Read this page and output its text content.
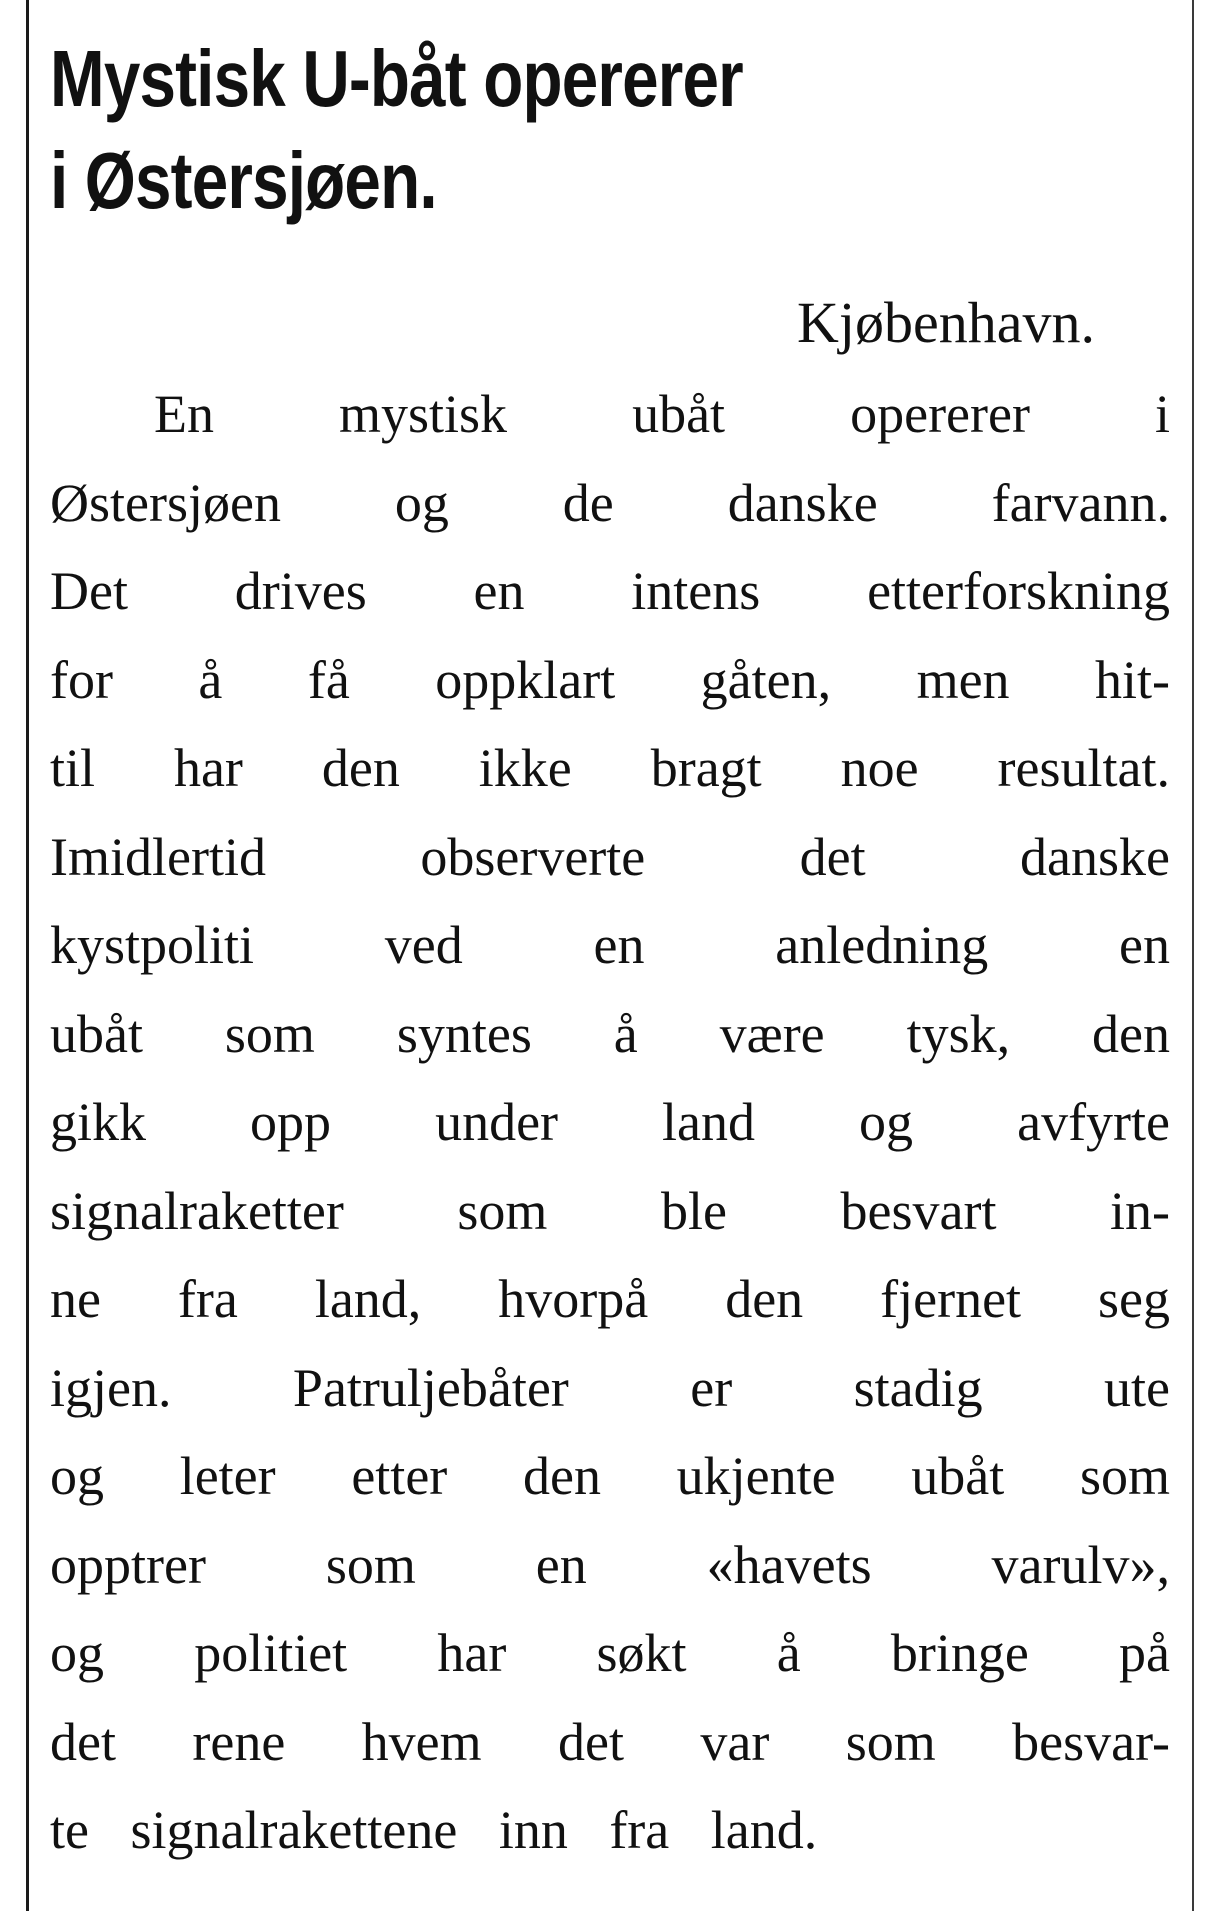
Mystisk U-båt opererer
i Østersjøen.
Kjøbenhavn.
En mystisk ubåt opererer i
Østersjøen og de danske farvann.
Det drives en intens etterforskning
for å få oppklart gåten, men hit-
til har den ikke bragt noe resultat.
Imidlertid observerte det danske
kystpoliti ved en anledning en
ubåt som syntes å være tysk, den
gikk opp under land og avfyrte
signalraketter som ble besvart in-
ne fra land, hvorpå den fjernet seg
igjen. Patruljebåter er stadig ute
og leter etter den ukjente ubåt som
opptrer som en «havets varulv»,
og politiet har søkt å bringe på
det rene hvem det var som besvar-
te signalrakettene inn fra land.
